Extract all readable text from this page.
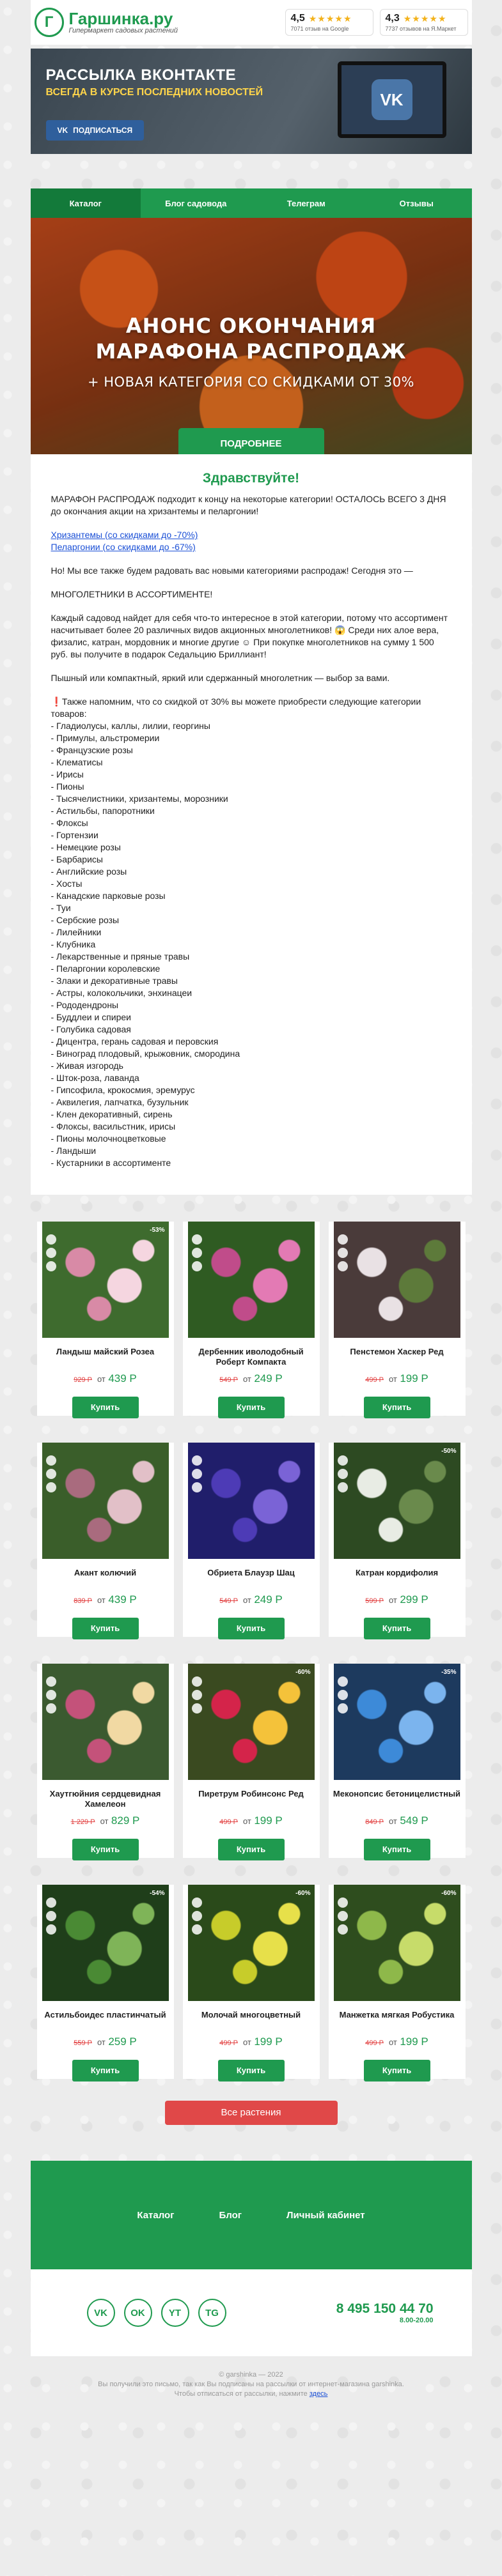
Г Гаршинка.ру
Гипермаркет садовых растений
4,5 ★★★★★
7071 отзыв на Google
4,3 ★★★★★
7737 отзывов на Я.Маркет
РАССЫЛКА ВКОНТАКТЕ
ВСЕГДА В КУРСЕ ПОСЛЕДНИХ НОВОСТЕЙ
VK ПОДПИСАТЬСЯ
VK
Каталог	Блог садовода	Телеграм	Отзывы
АНОНС ОКОНЧАНИЯ
МАРАФОНА РАСПРОДАЖ
+ НОВАЯ КАТЕГОРИЯ СО СКИДКАМИ ОТ 30%
ПОДРОБНЕЕ
Здравствуйте!

МАРАФОН РАСПРОДАЖ подходит к концу на некоторые категории! ОСТАЛОСЬ ВСЕГО 3 ДНЯ до окончания акции на хризантемы и пеларгонии!

Хризантемы (со скидками до -70%)
Пеларгонии (со скидками до -67%)

Но! Мы все также будем радовать вас новыми категориями распродаж! Сегодня это —

МНОГОЛЕТНИКИ В АССОРТИМЕНТЕ!

Каждый садовод найдет для себя что-то интересное в этой категории, потому что ассортимент насчитывает более 20 различных видов акционных многолетников! 😱 Среди них алое вера, физалис, катран, мордовник и многие другие ☺ При покупке многолетников на сумму 1 500 руб. вы получите в подарок Седальцию Бриллиант!

Пышный или компактный, яркий или сдержанный многолетник — выбор за вами.

❗Также напомним, что со скидкой от 30% вы можете приобрести следующие категории товаров:

- Гладиолусы, каллы, лилии, георгины
- Примулы, альстромерии
- Французские розы
- Клематисы
- Ирисы
- Пионы
- Тысячелистники, хризантемы, морозники
- Астильбы, папоротники
- Флоксы
- Гортензии
- Немецкие розы
- Барбарисы
- Английские розы
- Хосты
- Канадские парковые розы
- Туи
- Сербские розы
- Лилейники
- Клубника
- Лекарственные и пряные травы
- Пеларгонии королевские
- Злаки и декоративные травы
- Астры, колокольчики, энхинацеи
- Рододендроны
- Буддлеи и спиреи
- Голубика садовая
- Дицентра, герань садовая и перовския
- Виноград плодовый, крыжовник, смородина
- Живая изгородь
- Шток-роза, лаванда
- Гипсофила, крокосмия, эремурус
- Аквилегия, лапчатка, бузульник
- Клен декоративный, сирень
- Флоксы, васильстник, ирисы
- Пионы молочноцветковые
- Ландыши
- Кустарники в ассортименте
-53%
Ландыш майский Розеа
929 Р от 439 Р
Купить
Дербенник иволодобный Роберт Компакта
549 Р от 249 Р
Купить
Пенстемон Хаскер Ред
499 Р от 199 Р
Купить
Акант колючий
839 Р от 439 Р
Купить
Обриета Блаузр Шац
549 Р от 249 Р
Купить
-50%
Катран кордифолия
599 Р от 299 Р
Купить
Хаутгюйния сердцевидная Хамелеон
1 229 Р от 829 Р
Купить
-60%
Пиретрум Робинсонс Ред
499 Р от 199 Р
Купить
-35%
Меконопсис бетоницелистный
849 Р от 549 Р
Купить
-54%
Астильбоидес пластинчатый
559 Р от 259 Р
Купить
-60%
Молочай многоцветный
499 Р от 199 Р
Купить
-60%
Манжетка мягкая Робустика
499 Р от 199 Р
Купить
Все растения
Каталог	Блог	Личный кабинет
VK	OK	YT	TG	8 495 150 44 70
8.00-20.00
© garshinka — 2022
Вы получили это письмо, так как Вы подписаны на рассылки от интернет-магазина garshinka.
Чтобы отписаться от рассылки, нажмите здесь
